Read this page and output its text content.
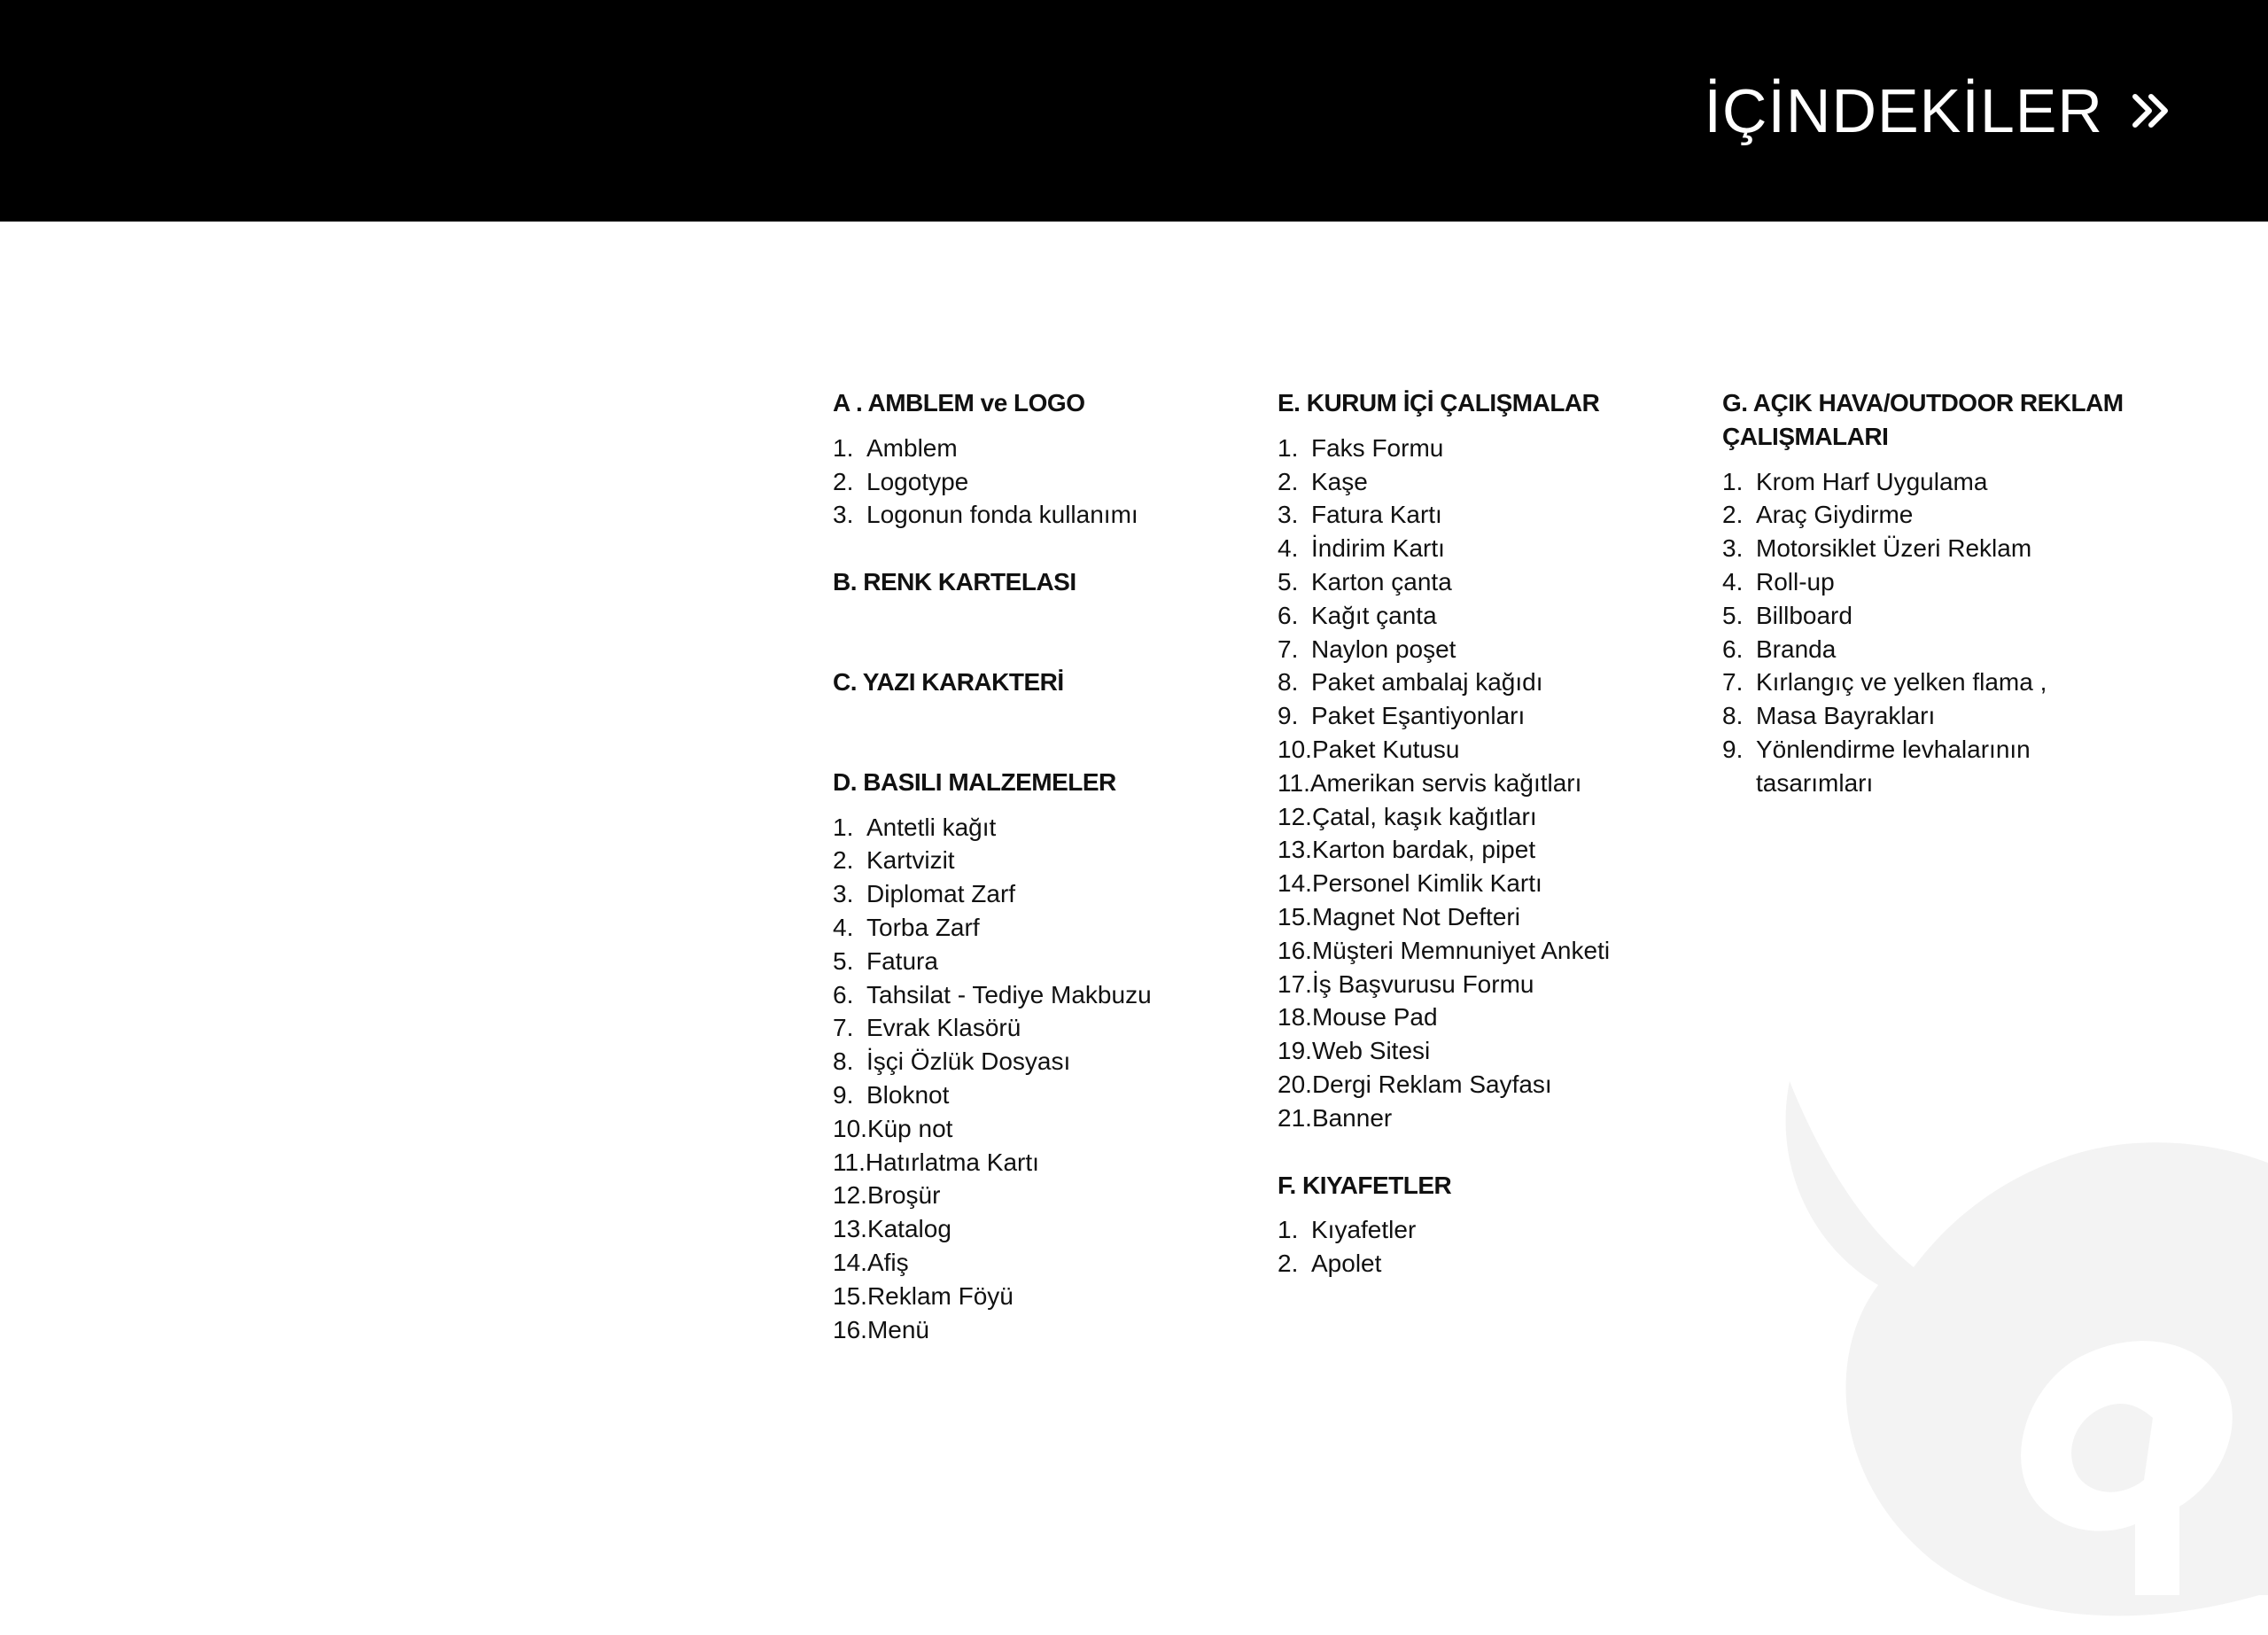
İÇİNDEKİLER
A . AMBLEM ve LOGO
1. Amblem
2. Logotype
3. Logonun fonda kullanımı
B. RENK KARTELASI
C. YAZI KARAKTERİ
D. BASILI MALZEMELER
1. Antetli kağıt
2. Kartvizit
3. Diplomat Zarf
4. Torba Zarf
5. Fatura
6. Tahsilat - Tediye Makbuzu
7. Evrak Klasörü
8. İşçi Özlük Dosyası
9. Bloknot
10. Küp not
11. Hatırlatma Kartı
12. Broşür
13. Katalog
14. Afiş
15. Reklam Föyü
16. Menü
E. KURUM İÇİ ÇALIŞMALAR
1. Faks Formu
2. Kaşe
3. Fatura Kartı
4. İndirim Kartı
5. Karton çanta
6. Kağıt çanta
7. Naylon poşet
8. Paket ambalaj kağıdı
9. Paket Eşantiyonları
10. Paket Kutusu
11. Amerikan servis kağıtları
12. Çatal, kaşık kağıtları
13. Karton bardak, pipet
14. Personel Kimlik Kartı
15. Magnet Not Defteri
16. Müşteri Memnuniyet Anketi
17. İş Başvurusu Formu
18. Mouse Pad
19. Web Sitesi
20. Dergi Reklam Sayfası
21. Banner
F. KIYAFETLER
1. Kıyafetler
2. Apolet
G. AÇIK HAVA/OUTDOOR REKLAM
ÇALIŞMALARI
1. Krom Harf Uygulama
2. Araç Giydirme
3. Motorsiklet Üzeri Reklam
4. Roll-up
5. Billboard
6. Branda
7. Kırlangıç ve yelken flama ,
8. Masa Bayrakları
9. Yönlendirme levhalarının tasarımları
